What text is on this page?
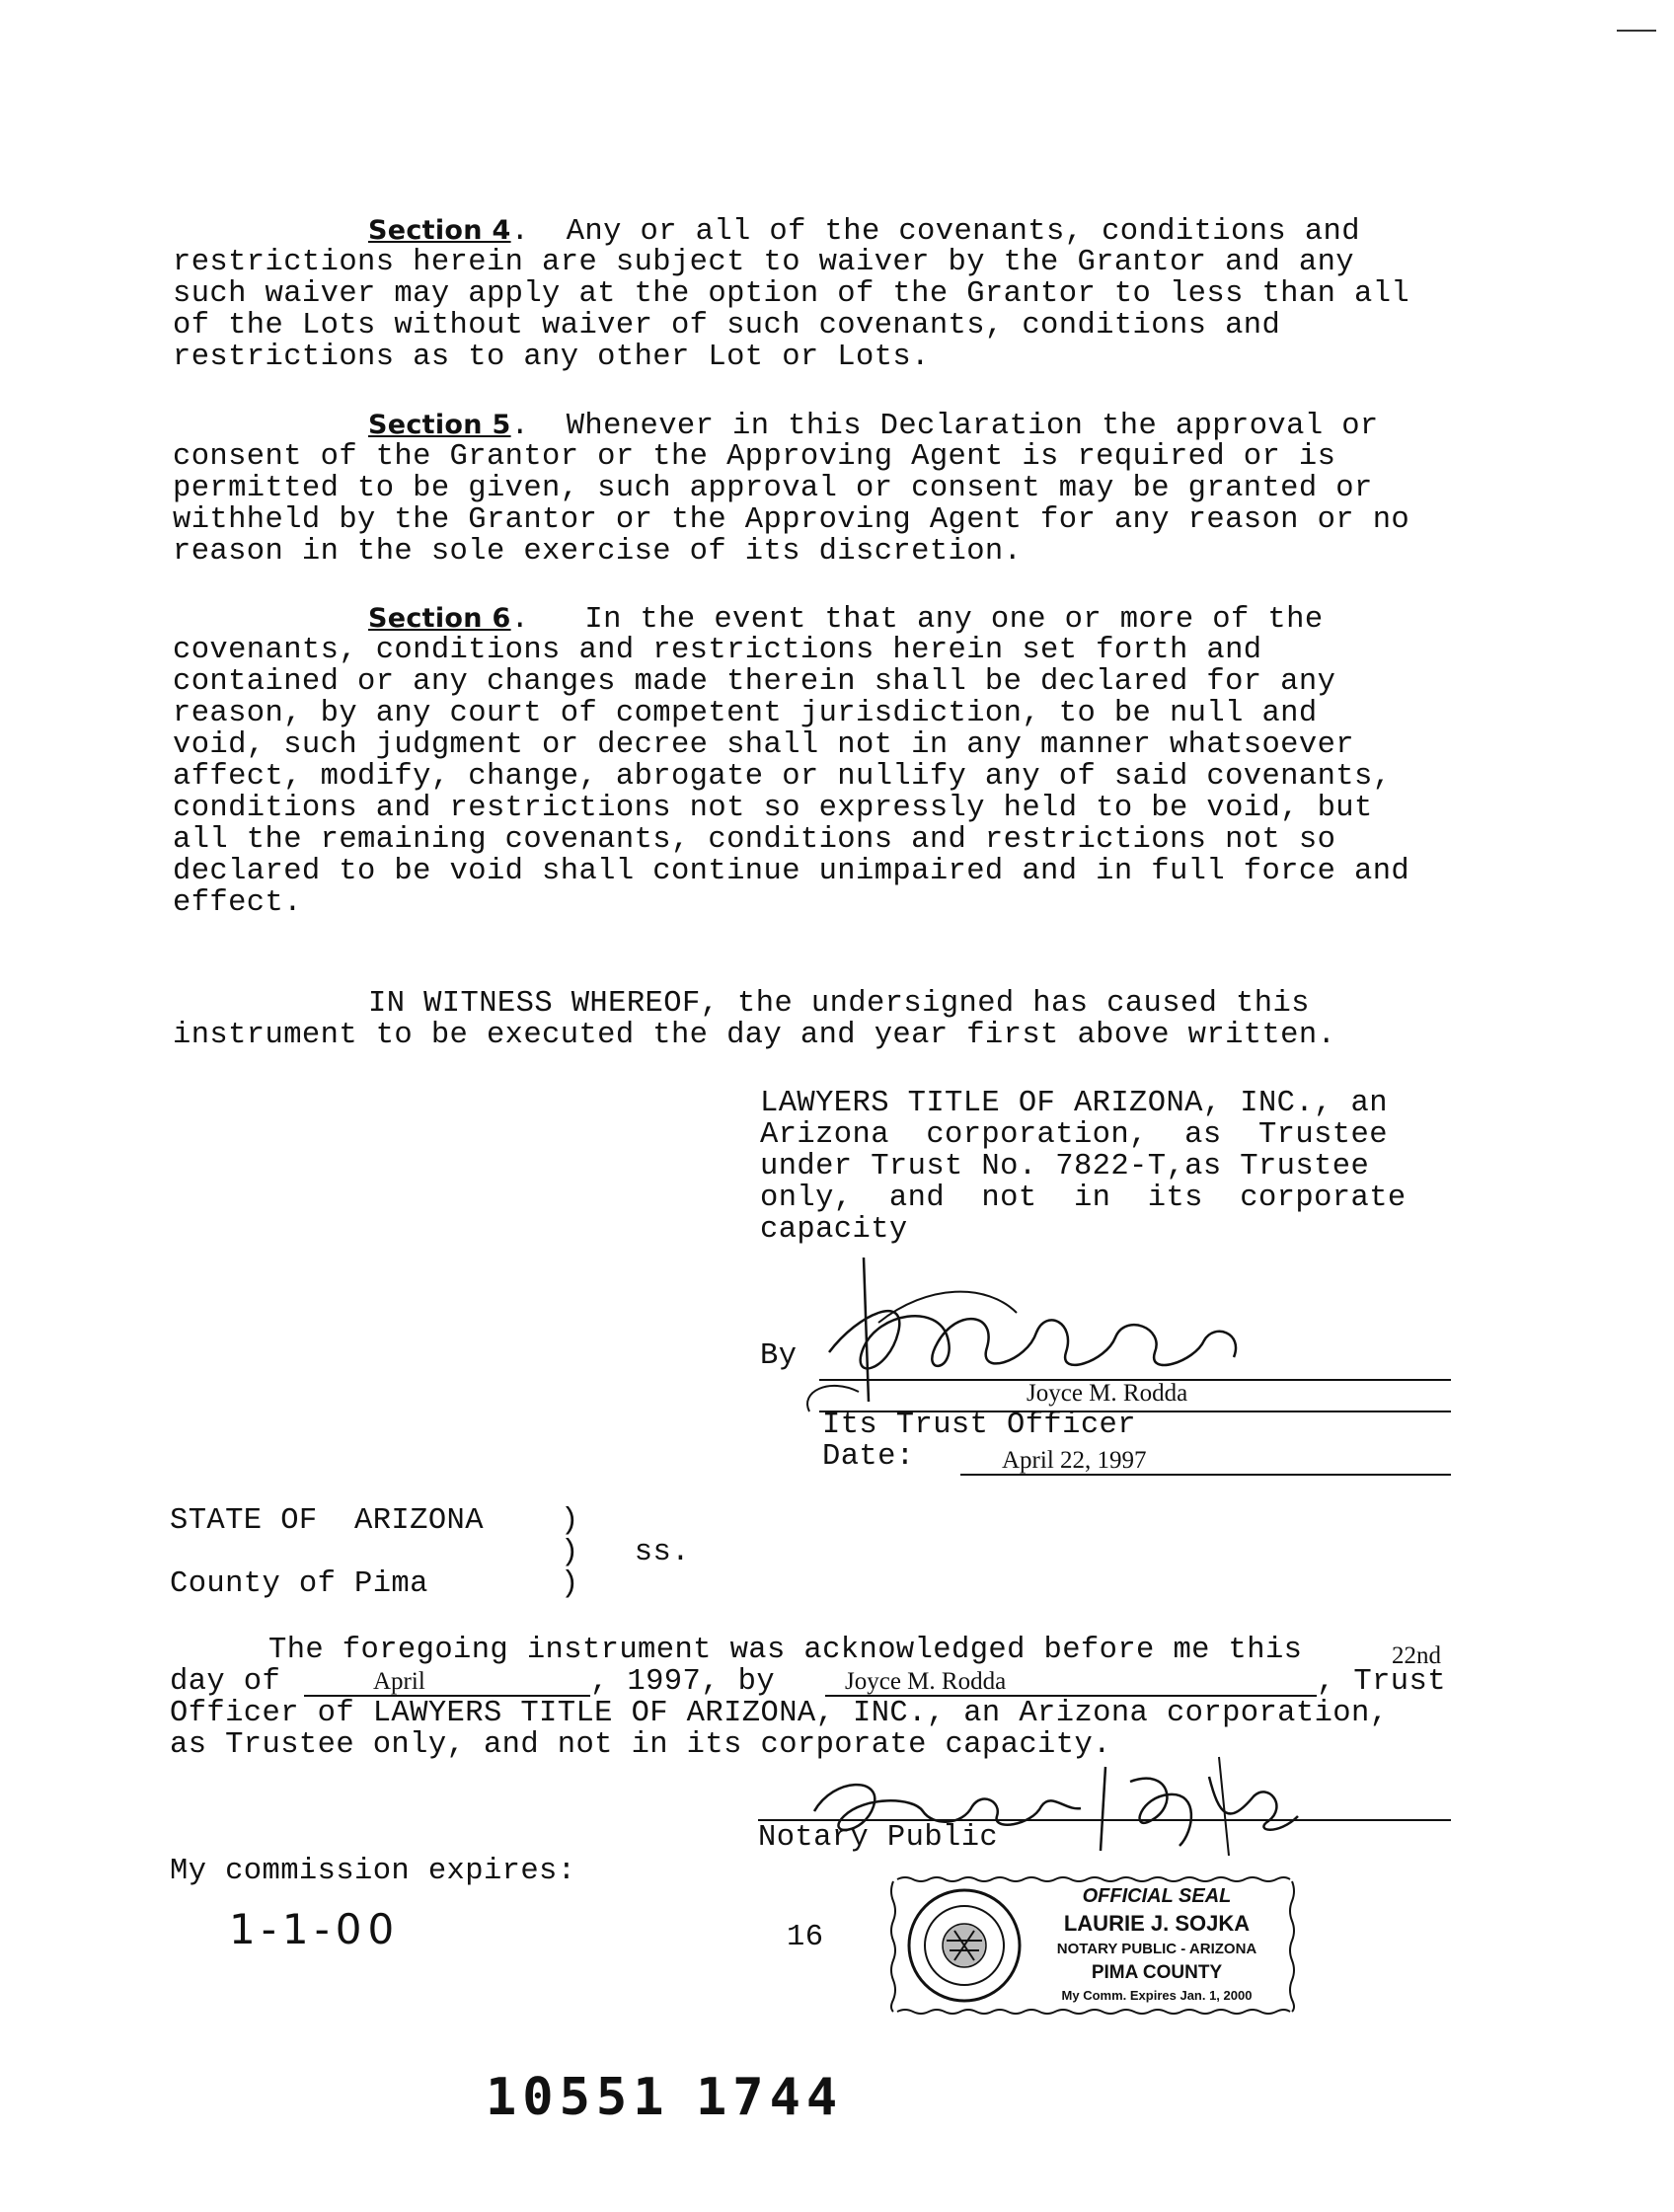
Section 4.  Any or all of the covenants, conditions and
restrictions herein are subject to waiver by the Grantor and any
such waiver may apply at the option of the Grantor to less than all
of the Lots without waiver of such covenants, conditions and
restrictions as to any other Lot or Lots.
Section 5.  Whenever in this Declaration the approval or
consent of the Grantor or the Approving Agent is required or is
permitted to be given, such approval or consent may be granted or
withheld by the Grantor or the Approving Agent for any reason or no
reason in the sole exercise of its discretion.
Section 6.   In the event that any one or more of the
covenants, conditions and restrictions herein set forth and
contained or any changes made therein shall be declared for any
reason, by any court of competent jurisdiction, to be null and
void, such judgment or decree shall not in any manner whatsoever
affect, modify, change, abrogate or nullify any of said covenants,
conditions and restrictions not so expressly held to be void, but
all the remaining covenants, conditions and restrictions not so
declared to be void shall continue unimpaired and in full force and
effect.
IN WITNESS WHEREOF, the undersigned has caused this
instrument to be executed the day and year first above written.
LAWYERS TITLE OF ARIZONA, INC., an
Arizona  corporation,  as  Trustee
under Trust No. 7822-T,as Trustee
only,  and  not  in  its  corporate
capacity
By
Joyce M. Rodda
Its Trust Officer
Date:	April 22, 1997
STATE OF  ARIZONA	)
)   ss.
)
County of Pima
The foregoing instrument was acknowledged before me this	22nd
day of	April	, 1997, by	Joyce M. Rodda	, Trust
Officer of LAWYERS TITLE OF ARIZONA, INC., an Arizona corporation,
as Trustee only, and not in its corporate capacity.
Notary Public
My commission expires:
1-1-00	16
OFFICIAL SEAL
LAURIE J. SOJKA
NOTARY PUBLIC - ARIZONA
PIMA COUNTY
My Comm. Expires Jan. 1, 2000
10551 1744
